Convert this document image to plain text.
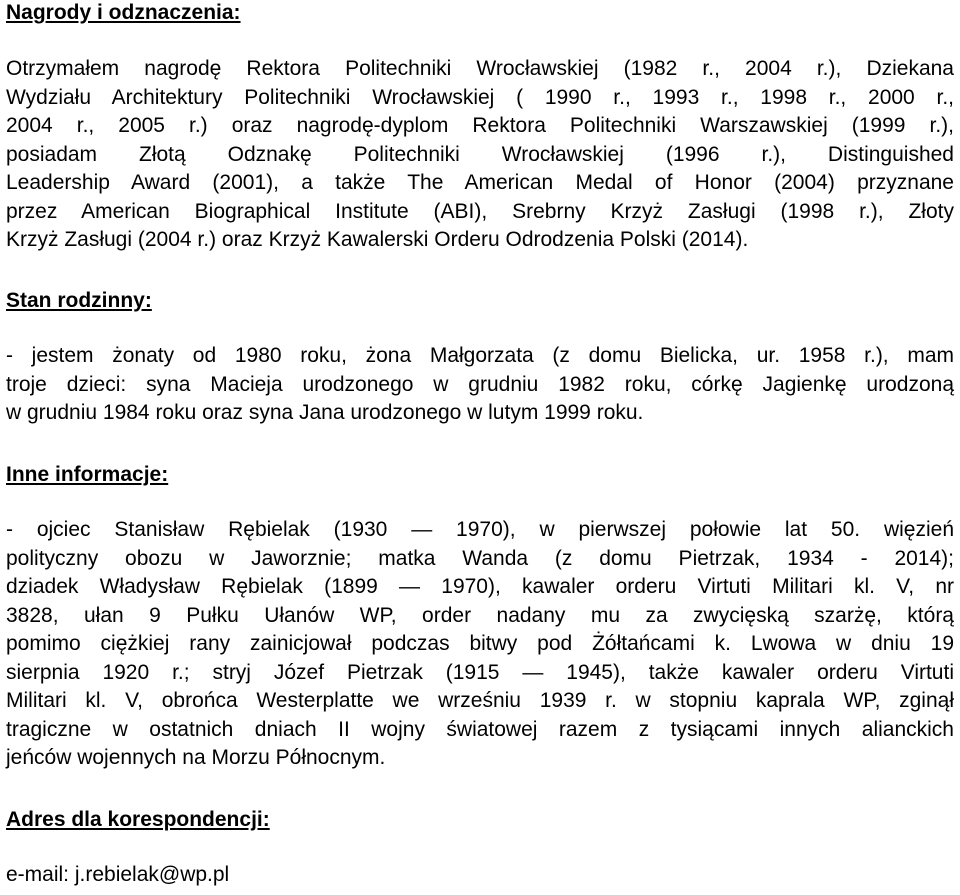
Nagrody i odznaczenia:
Otrzymałem nagrodę Rektora Politechniki Wrocławskiej (1982 r., 2004 r.), Dziekana
Wydziału Architektury Politechniki Wrocławskiej ( 1990 r., 1993 r., 1998 r., 2000 r.,
2004 r., 2005 r.) oraz nagrodę-dyplom Rektora Politechniki Warszawskiej (1999 r.),
posiadam Złotą Odznakę Politechniki Wrocławskiej (1996 r.), Distinguished
Leadership Award (2001), a także The American Medal of Honor (2004) przyznane
przez American Biographical Institute (ABI), Srebrny Krzyż Zasługi (1998 r.), Złoty
Krzyż Zasługi (2004 r.) oraz Krzyż Kawalerski Orderu Odrodzenia Polski (2014).
Stan rodzinny:
- jestem żonaty od 1980 roku, żona Małgorzata (z domu Bielicka, ur. 1958 r.), mam
troje dzieci: syna Macieja urodzonego w grudniu 1982 roku, córkę Jagienkę urodzoną
w grudniu 1984 roku oraz syna Jana urodzonego w lutym 1999 roku.
Inne informacje:
- ojciec Stanisław Rębielak (1930 — 1970), w pierwszej połowie lat 50. więzień
polityczny obozu w Jaworznie; matka Wanda (z domu Pietrzak, 1934 - 2014);
dziadek Władysław Rębielak (1899 — 1970), kawaler orderu Virtuti Militari kl. V, nr
3828, ułan 9 Pułku Ułanów WP, order nadany mu za zwycięską szarżę, którą
pomimo ciężkiej rany zainicjował podczas bitwy pod Żółtańcami k. Lwowa w dniu 19
sierpnia 1920 r.; stryj Józef Pietrzak (1915 — 1945), także kawaler orderu Virtuti
Militari kl. V, obrońca Westerplatte we wrześniu 1939 r. w stopniu kaprala WP, zginął
tragiczne w ostatnich dniach II wojny światowej razem z tysiącami innych alianckich
jeńców wojennych na Morzu Północnym.
Adres dla korespondencji:
e-mail: j.rebielak@wp.pl
